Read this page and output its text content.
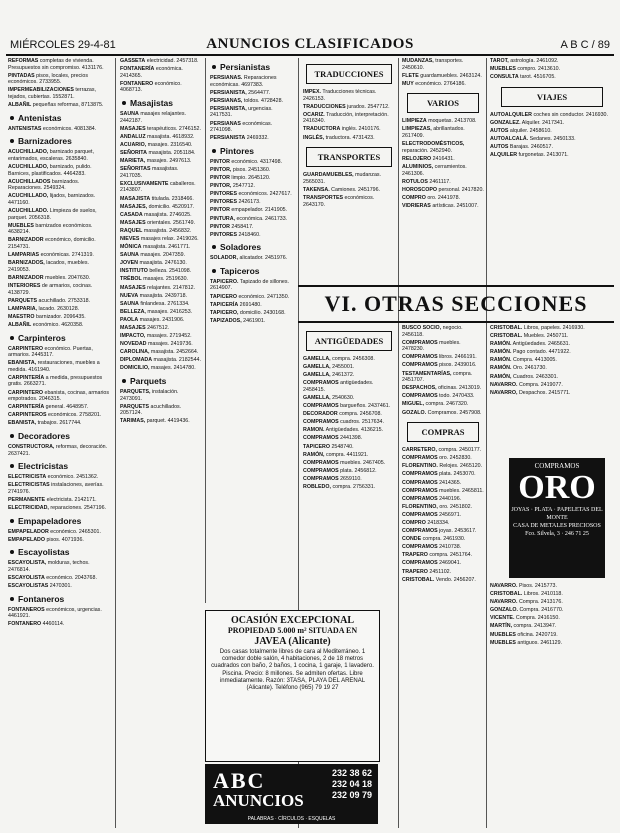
MIÉRCOLES 29-4-81	ANUNCIOS CLASIFICADOS	A B C / 89
REFORMAS completas de vivienda. Presupuestos sin compromiso. 4131176.
PINTADAS pisos, locales, precios económicos. 2733955.
IMPERMEABILIZACIONES terrazas, tejados, cubiertas. 1552871.
ALBAÑIL pequeñas reformas, 8713875.
Antenistas
ANTENISTAS económicos. 4081384.
Barnizadores
ACUCHILLADO, barnizado parquet, entarimados, escaleras. 2635840.
ACUCHILLADO, barnizado, pulido. Barnices, plastificados. 4464283.
ACUCHILLADOS barnizados. Reparaciones. 2549324.
ACUCHILLADO, lijados, barnizados. 4471160.
ACUCHILLADO. Limpieza de suelos, parquet. 2056318.
MUEBLES barnizados económicos. 4638214.
BARNIZADOR económico, domicilio. 2154731.
LAMPARIAS económicas. 2741319.
BARNIZADOS, lacados, muebles. 2419053.
BARNIZADOR muebles. 2047630.
INTERIORES de armarios, cocinas. 4138729.
PARQUETS acuchillado. 2753318.
LAMPARIA, lacado. 2630128.
MAESTRO barnizador. 2096435.
ALBAÑIL económico. 4620358.
Carpinteros
CARPINTERO económico. Puertas, armarios. 2445317.
EBANISTA, restauraciones, muebles a medida. 4161940.
CARPINTERÍA a medida, presupuestos gratis. 2663271.
CARPINTERO ebanista, cocinas, armarios empotrados. 2046315.
CARPINTERÍA general. 4648957.
CARPINTEROS económicos. 2758201.
EBANISTA, trabajos. 2617744.
Decoradores
CONSTRUCTORA, reformas, decoración. 2637421.
Electricistas
ELECTRICISTA económico. 2451362.
ELECTRICISTAS instalaciones, averías. 2741976.
PERMANENTE electricista. 2142171.
ELECTRICIDAD, reparaciones. 2547196.
Empapeladores
EMPAPELADOR económico. 2465301.
EMPAPELADO pisos. 4071936.
Escayolistas
ESCAYOLISTA, molduras, techos. 2476814.
ESCAYOLISTA económico. 2043768.
ESCAYOLISTAS 2470301.
Fontaneros
FONTANEROS económicos, urgencias. 4461921.
FONTANERO 4460114.
GASSETA electricidad. 2457318.
FONTANERÍA económica. 2414365.
FONTANERO económico. 4068713.
Masajistas
SAUNA masajes relajantes. 2442187.
MASAJES terapéuticos. 2746152.
ANDALUZ masajista. 4618932.
ACUARIO, masajes. 2316540.
SEÑORITA masajista. 2051184.
MARIETA, masajes. 2497613.
SEÑORITAS masajistas. 2417035.
EXCLUSIVAMENTE caballeros. 2143807.
MASAJISTA titulada. 2318466.
MASAJES, domicilio. 4520917.
CASADA masajista. 2746025.
MASAJES orientales. 2561749.
RAQUEL masajista. 2456832.
NIEVES masajes relax. 2419026.
MÓNICA masajista. 2461771.
SAUNA masajes. 2047359.
JOVEN masajista. 2476130.
INSTITUTO belleza. 2541098.
TRÉBOL masajes. 2519630.
MASAJES relajantes. 2147812.
NUEVA masajista. 2439718.
SAUNA finlandesa. 2761334.
BELLEZA, masajes. 2416253.
PAOLA masajes. 2431906.
MASAJES 2467512.
IMPACTO, masajes. 2719452.
NOVEDAD masajes. 2419736.
CAROLINA, masajista. 2452664.
DIPLOMADA masajista. 2182544.
DOMICILIO, masajes. 2414780.
Parquets
PARQUETS, instalación. 2473091.
PARQUETS acuchillados. 2057124.
TARIMAS, parquet. 4419436.
Persianistas
PERSIANAS. Reparaciones económicas. 4697383.
PERSIANISTA, 2564477.
PERSIANAS, toldos. 4728428.
PERSIANISTA, urgencias. 2417531.
PERSIANAS económicas. 2741098.
PERSIANISTA 2469332.
Pintores
PINTOR económico. 4317498.
PINTOR, pisos. 2451360.
PINTOR limpio. 2645120.
PINTOR, 2547712.
PINTORES económicos. 2427617.
PINTORES 2426173.
PINTOR empapelador. 2141905.
PINTURA, económica. 2461733.
PINTOR 2458417.
PINTORES 2418460.
Soladores
SOLADOR, alicatador. 2451976.
Tapiceros
TAPICERO. Tapizado de sillones. 2614907.
TAPICERO económico. 2471350.
TAPICERÍA 2691480.
TAPICERO, domicilio. 2430168.
TAPIZADOS, 2461901.
TRADUCCIONES
IMPEX. Traducciones técnicas. 2426153.
TRADUCCIONES jurados. 2547712.
OCARIZ. Traducción, interpretación. 2416340.
TRADUCTORA inglés. 2410176.
INGLÉS, traductora. 4731423.
TRANSPORTES
GUARDAMUEBLES, mudanzas. 2565031.
TAKENSA. Camiones. 2451796.
TRANSPORTES económicos. 2643170.
MUDANZAS, transportes. 2450610.
FLETE guardamuebles. 2463124.
MUY económico. 2764186.
VARIOS
LIMPIEZA moquetas. 2413708.
LIMPIEZAS, abrillantados. 2617409.
ELECTRODOMÉSTICOS, reparación. 2452940.
RELOJERO 2416431.
ALUMINIOS, cerramientos. 2461306.
ROTULOS 2461117.
HOROSCOPO personal. 2417820.
COMPRO oro. 2441978.
VIDRIERAS artísticas. 2451007.
TAROT, astrología. 2461092.
MUEBLES compro. 2413610.
CONSULTA tarot. 4516705.
VIAJES
AUTOALQUILER coches sin conductor. 2416930.
GONZALEZ. Alquiler. 2417341.
AUTOS alquiler. 2458610.
AUTOALCALÁ. Sedanes. 2450133.
AUTOS Barajas. 2460517.
ALQUILER furgonetas. 2413071.
VI. OTRAS SECCIONES
ANTIGÜEDADES
GAMELLA, compra. 2456308.
GAMELLA, 2455001.
GAMELLA, 2461372.
COMPRAMOS antigüedades. 2458415.
GAMELLA, 2540630.
COMPRAMOS bargueños. 2437461.
DECORADOR compra. 2456708.
COMPRAMOS cuadros. 2517634.
RAMON. Antigüedades. 4136215.
COMPRAMOS 2441398.
TAPICERO 2548740.
RAMÓN, compra. 4411921.
COMPRAMOS muebles. 2467405.
COMPRAMOS plata. 2456812.
COMPRAMOS 2659110.
ROBLEDO, compra. 2756331.
BUSCO SOCIO, negocio. 2456118.
COMPRAMOS muebles. 2478230.
COMPRAMOS libros. 2466191.
COMPRAMOS pisos. 2439016.
TESTAMENTARÍAS, compra. 2451707.
DESPACHOS, oficinas. 2413019.
COMPRAMOS todo. 2470433.
MIGUEL, compra. 2467320.
GOZALO. Compramos. 2457908.
COMPRAS
CARRETERO, compra. 2450177.
COMPRAMOS oro. 2452830.
FLORENTINO. Relojes. 2465120.
COMPRAMOS plata. 2453070.
COMPRAMOS 2414365.
COMPRAMOS muebles. 2465811.
COMPRAMOS 2440196.
FLORENTINO, oro. 2451802.
COMPRAMOS 2456971.
COMPRO 2418334.
COMPRAMOS joyas. 2453617.
CONDE compra. 2461930.
COMPRAMOS 2410738.
TRAPERO compra. 2451764.
COMPRAMOS 2469041.
TRAPERO 2451102.
CRISTOBAL. Vendo. 2456207.
CRISTOBAL. Libros, papeles. 2416930.
CRISTOBAL. Muebles. 2450711.
RAMÓN. Antigüedades. 2465631.
RAMÓN. Pago contado. 4471922.
RAMÓN. Compra. 4413005.
RAMÓN. Oro. 2461730.
RAMÓN, Cuadros. 2463301.
NAVARRO. Compra. 2419077.
NAVARRO, Despachos. 2415771.
COMPRAMOS
ORO
JOYAS · PLATA · PAPELETAS DEL MONTE
CASA DE METALES PRECIOSOS
Fco. Silvela, 3 · 246 71 25
NAVARRO. Pisos. 2415773.
CRISTOBAL. Libros. 2410118.
NAVARRO. Compra. 2413176.
GONZALO. Compra. 2416770.
VICENTE. Compra. 2416150.
MARTÍN, compra. 2413947.
MUEBLES oficina. 2420719.
MUEBLES antiguos. 2461129.
OCASIÓN EXCEPCIONAL
PROPIEDAD 5.000 m² SITUADA EN
JAVEA (Alicante)
Dos casas totalmente libres de cara al Mediterráneo. 1 comedor doble salón, 4 habitaciones, 2 de 18 metros cuadrados con baño, 2 baños, 1 cocina, 1 garaje, 1 lavadero. Piscina. Precio: 8 millones. Se admiten ofertas. Libre inmediatamente. Razón: 3TASA, PLAYA DEL ARENAL (Alicante). Teléfono (965) 79 19 27
ABC
ANUNCIOS
232 38 62
232 04 18
232 09 79
PALABRAS · CÍRCULOS · ESQUELAS
